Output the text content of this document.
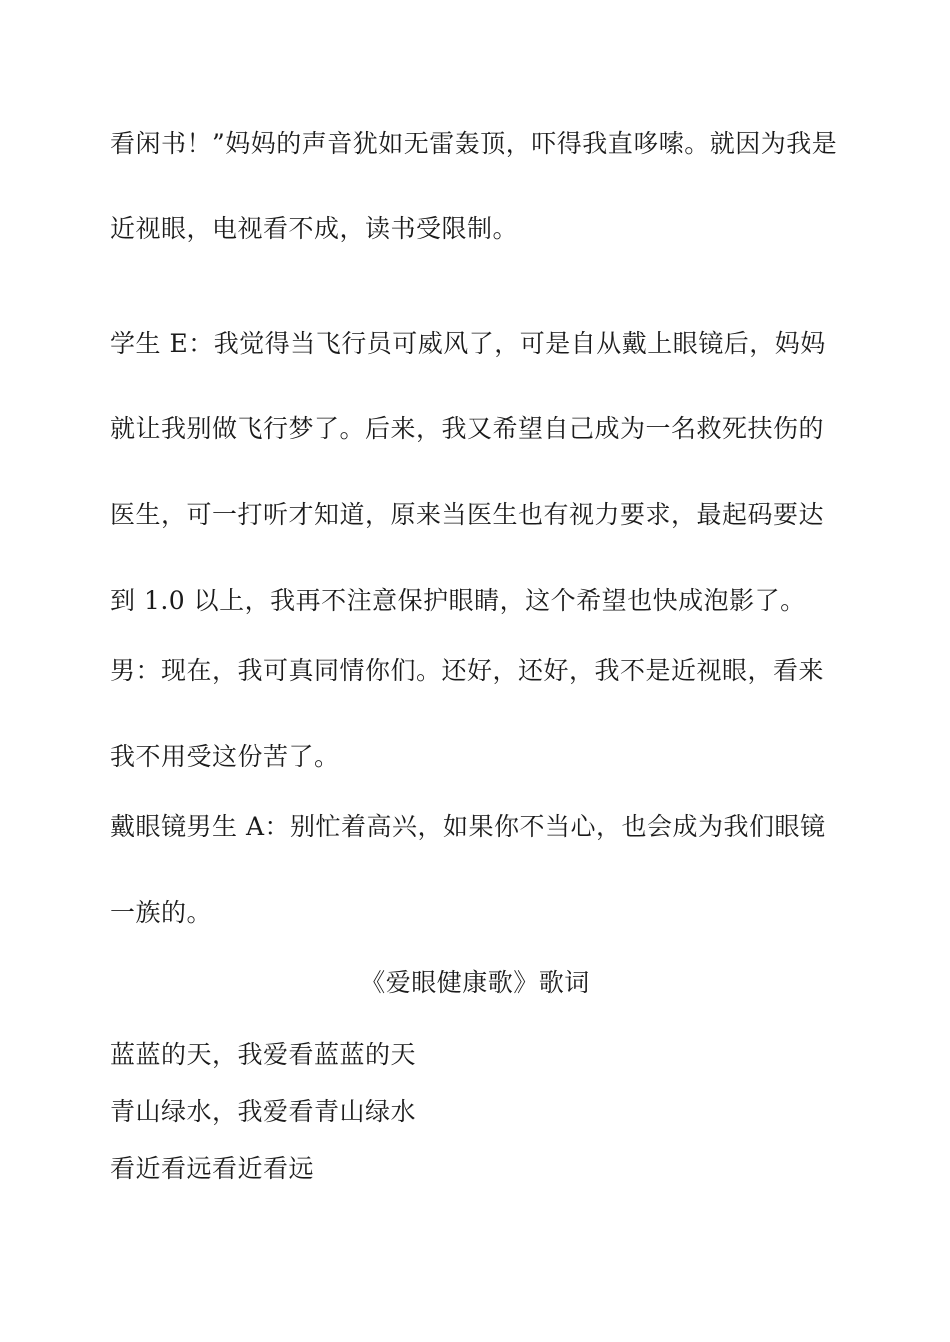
看闲书！”妈妈的声音犹如无雷轰顶，吓得我直哆嗦。就因为我是
近视眼，电视看不成，读书受限制。
学生 E：我觉得当飞行员可威风了，可是自从戴上眼镜后，妈妈
就让我别做飞行梦了。后来，我又希望自己成为一名救死扶伤的
医生，可一打听才知道，原来当医生也有视力要求，最起码要达
到 1.0 以上，我再不注意保护眼睛，这个希望也快成泡影了。
男：现在，我可真同情你们。还好，还好，我不是近视眼，看来
我不用受这份苦了。
戴眼镜男生 A：别忙着高兴，如果你不当心，也会成为我们眼镜
一族的。
《爱眼健康歌》歌词
蓝蓝的天，我爱看蓝蓝的天
青山绿水，我爱看青山绿水
看近看远看近看远
